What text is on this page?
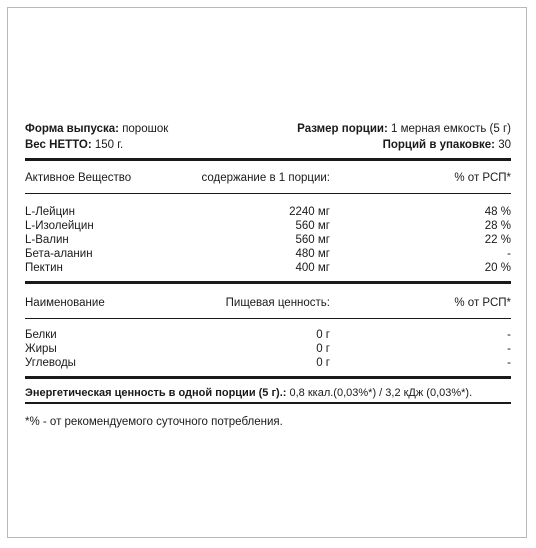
Форма выпуска: порошок	Размер порции: 1 мерная емкость (5 г)
Вес НЕТТО: 150 г.	Порций в упаковке: 30
Активное Вещество	содержание в 1 порции:	% от РСП*
L-Лейцин	2240 мг	48 %
L-Изолейцин	560 мг	28 %
L-Валин	560 мг	22 %
Бета-аланин	480 мг	-
Пектин	400 мг	20 %
Наименование	Пищевая ценность:	% от РСП*
Белки	0 г	-
Жиры	0 г	-
Углеводы	0 г	-
Энергетическая ценность в одной порции (5 г).: 0,8 ккал.(0,03%*) / 3,2 кДж (0,03%*).
*% - от рекомендуемого суточного потребления.
